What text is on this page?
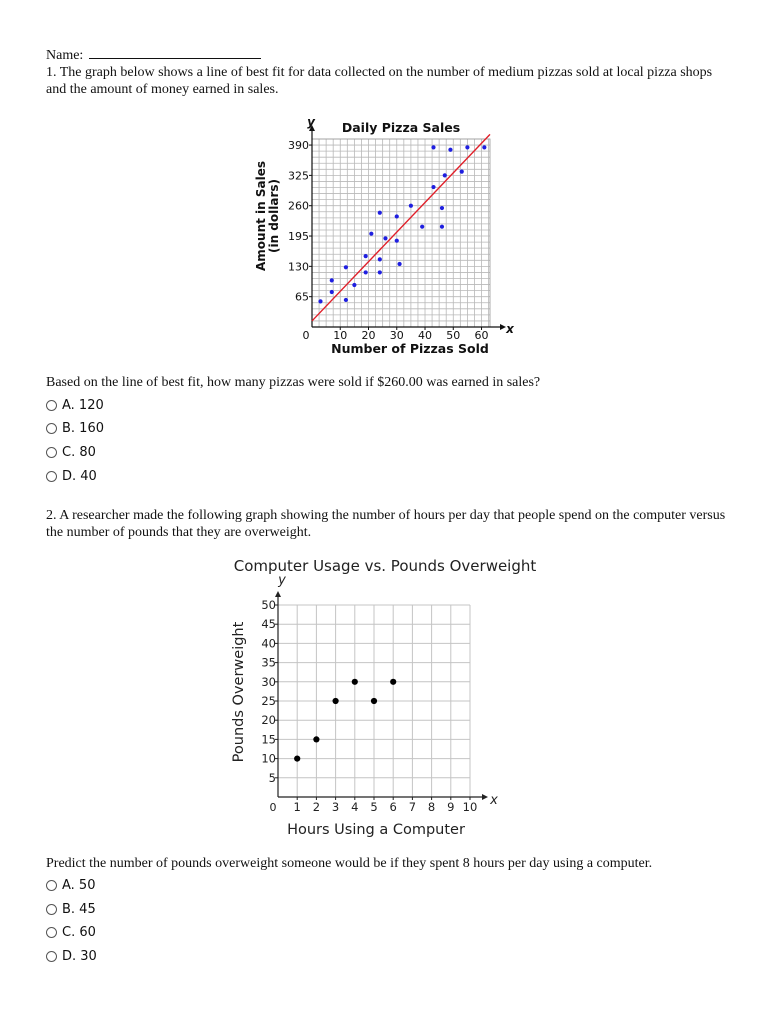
Name:
1. The graph below shows a line of best fit for data collected on the number of medium pizzas sold at local pizza shops and the amount of money earned in sales.
10 20 30 40 50 60
65
130
195
260
325
390
Daily Pizza Sales
Number of Pizzas Sold
Amount in Sales (in dollars)
y
x
0
Based on the line of best fit, how many pizzas were sold if $260.00 was earned in sales?
A. 120
B. 160
C. 80
D. 40
2. A researcher made the following graph showing the number of hours per day that people spend on the computer versus the number of pounds that they are overweight.
1 2 3 4 5 6 7 8 9 10
5
10
15
20
25
30
35
40
45
50
Computer Usage vs. Pounds Overweight
Hours Using a Computer
Pounds Overweight
y
x
0
Predict the number of pounds overweight someone would be if they spent 8 hours per day using a computer.
A. 50
B. 45
C. 60
D. 30
